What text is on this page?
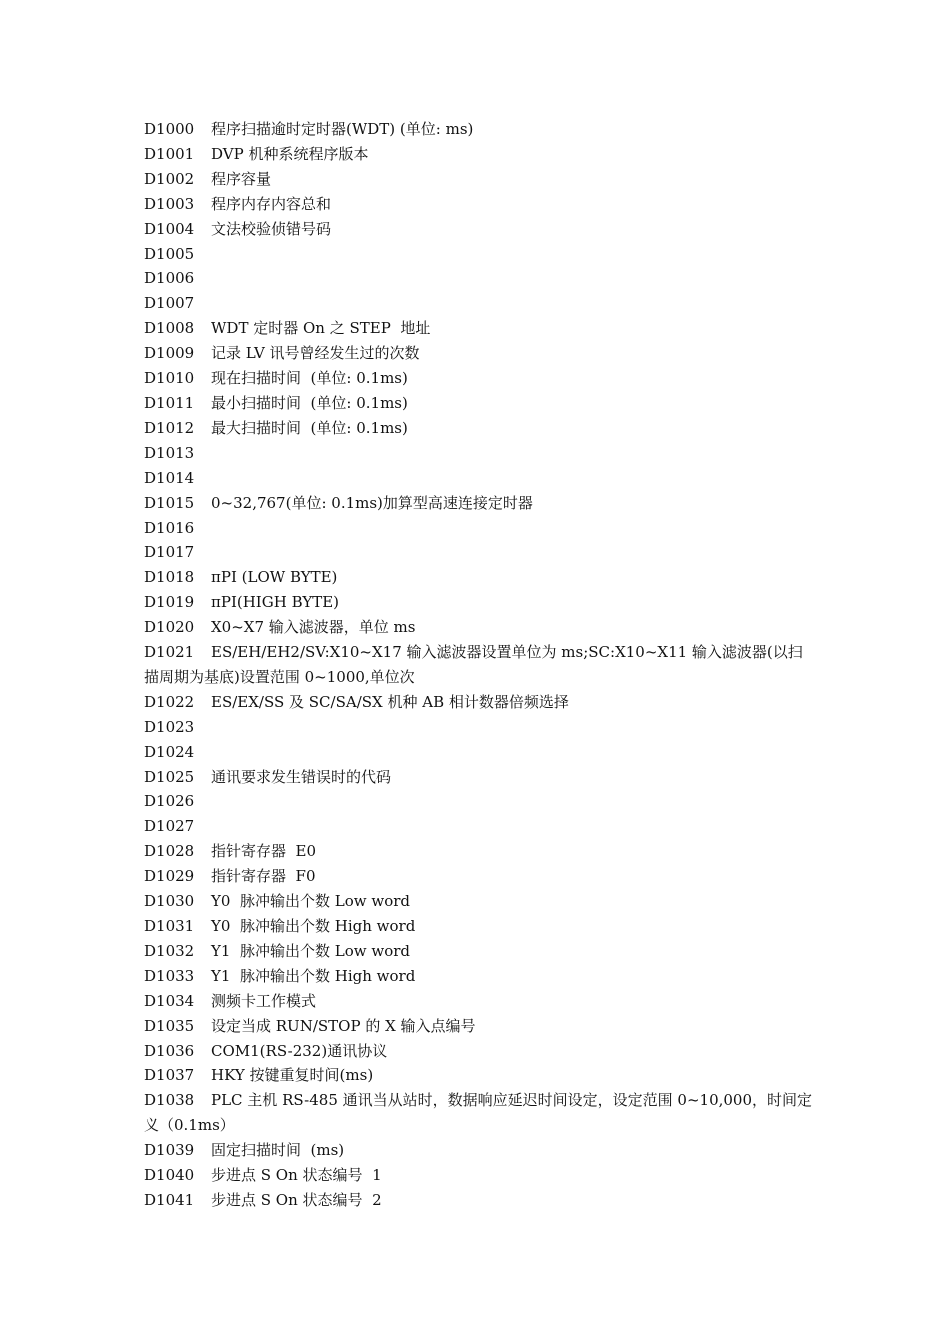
D1000 程序扫描逾时定时器(WDT) (单位: ms)
D1001 DVP 机种系统程序版本
D1002 程序容量
D1003 程序内存内容总和
D1004 文法校验侦错号码
D1005
D1006
D1007
D1008 WDT 定时器 On 之 STEP  地址
D1009 记录 LV 讯号曾经发生过的次数
D1010 现在扫描时间  (单位: 0.1ms)
D1011 最小扫描时间  (单位: 0.1ms)
D1012 最大扫描时间  (单位: 0.1ms)
D1013
D1014
D1015 0~32,767(单位: 0.1ms)加算型高速连接定时器
D1016
D1017
D1018 πPI (LOW BYTE)
D1019 πPI(HIGH BYTE)
D1020 X0~X7 输入滤波器，单位 ms
D1021 ES/EH/EH2/SV:X10~X17 输入滤波器设置单位为 ms;SC:X10~X11 输入滤波器(以扫描周期为基底)设置范围 0~1000,单位次
D1022 ES/EX/SS 及 SC/SA/SX 机种 AB 相计数器倍频选择
D1023
D1024
D1025 通讯要求发生错误时的代码
D1026
D1027
D1028 指针寄存器  E0
D1029 指针寄存器  F0
D1030 Y0  脉冲输出个数 Low word
D1031 Y0  脉冲输出个数 High word
D1032 Y1  脉冲输出个数 Low word
D1033 Y1  脉冲输出个数 High word
D1034 测频卡工作模式
D1035 设定当成 RUN/STOP 的 X 输入点编号
D1036 COM1(RS-232)通讯协议
D1037 HKY 按键重复时间(ms)
D1038 PLC 主机 RS-485 通讯当从站时，数据响应延迟时间设定，设定范围 0~10,000，时间定义（0.1ms）
D1039 固定扫描时间  (ms)
D1040 步进点 S On 状态编号  1
D1041 步进点 S On 状态编号  2
